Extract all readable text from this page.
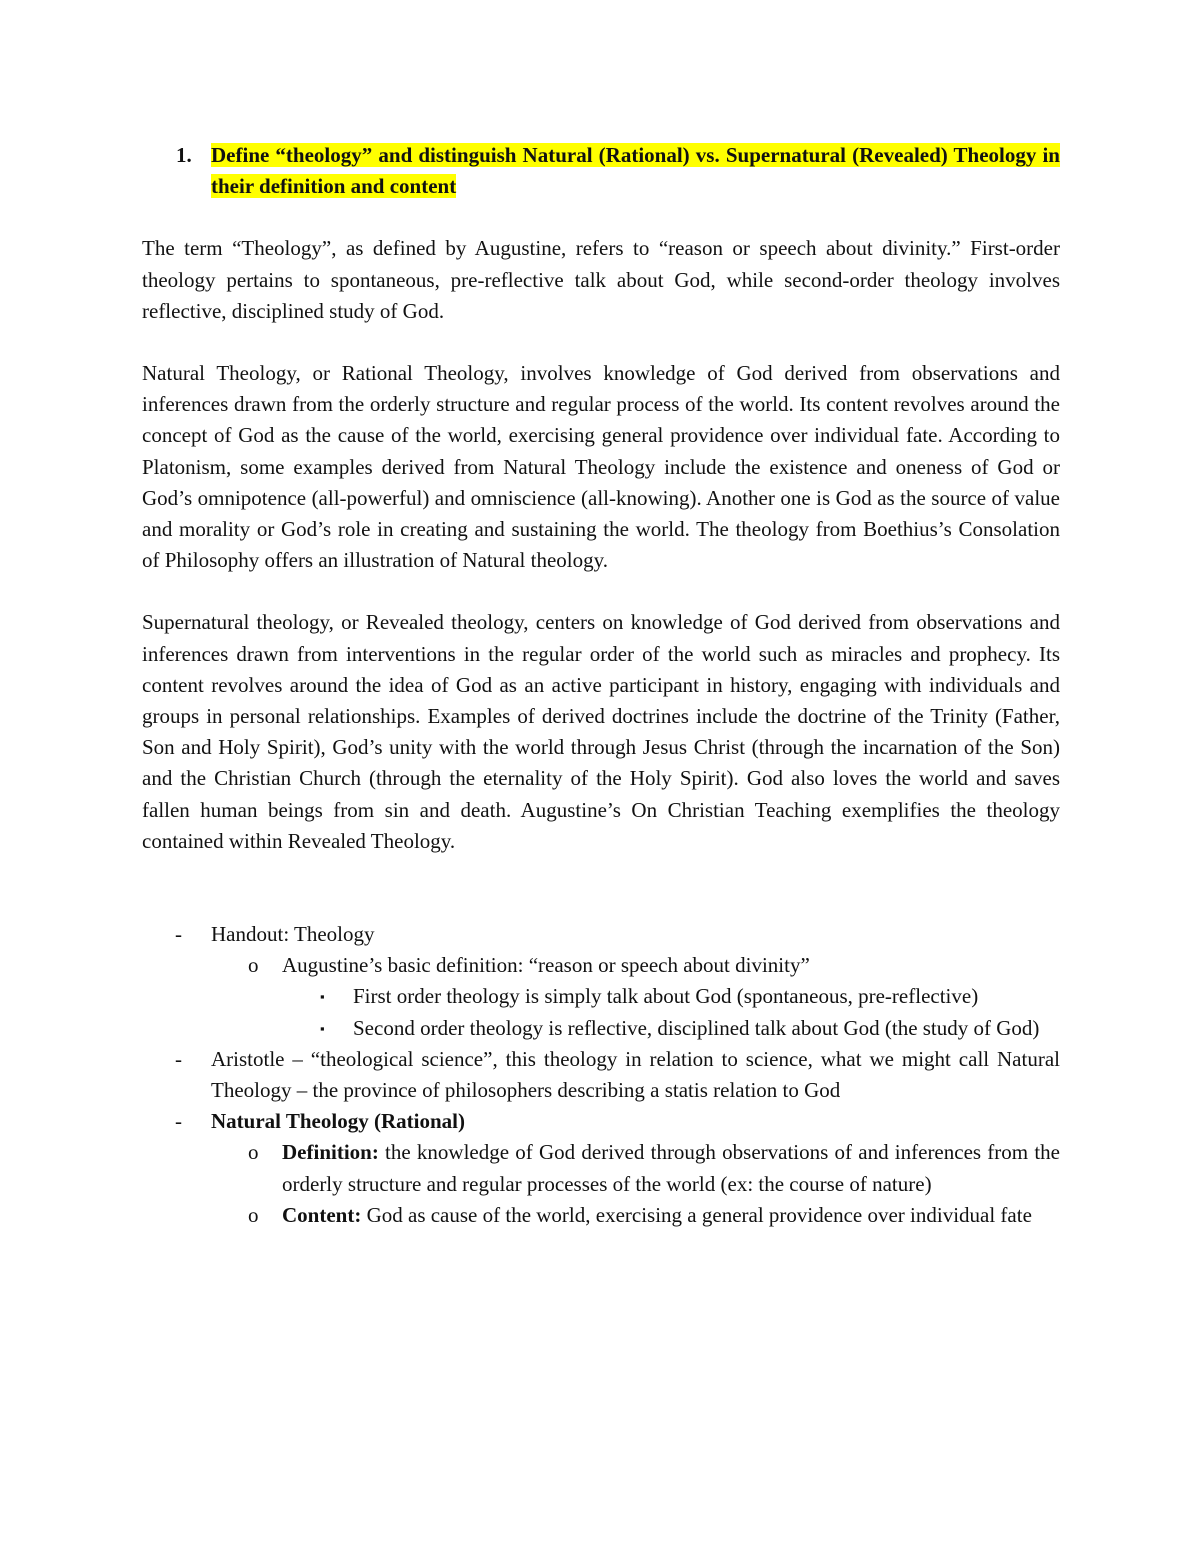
1. Define “theology” and distinguish Natural (Rational) vs. Supernatural (Revealed) Theology in their definition and content

The term “Theology”, as defined by Augustine, refers to “reason or speech about divinity.” First-order theology pertains to spontaneous, pre-reflective talk about God, while second-order theology involves reflective, disciplined study of God.

Natural Theology, or Rational Theology, involves knowledge of God derived from observations and inferences drawn from the orderly structure and regular process of the world. Its content revolves around the concept of God as the cause of the world, exercising general providence over individual fate. According to Platonism, some examples derived from Natural Theology include the existence and oneness of God or God’s omnipotence (all-powerful) and omniscience (all-knowing). Another one is God as the source of value and morality or God’s role in creating and sustaining the world. The theology from Boethius’s Consolation of Philosophy offers an illustration of Natural theology.

Supernatural theology, or Revealed theology, centers on knowledge of God derived from observations and inferences drawn from interventions in the regular order of the world such as miracles and prophecy. Its content revolves around the idea of God as an active participant in history, engaging with individuals and groups in personal relationships. Examples of derived doctrines include the doctrine of the Trinity (Father, Son and Holy Spirit), God’s unity with the world through Jesus Christ (through the incarnation of the Son) and the Christian Church (through the eternality of the Holy Spirit). God also loves the world and saves fallen human beings from sin and death. Augustine’s On Christian Teaching exemplifies the theology contained within Revealed Theology.

- Handout: Theology
o Augustine’s basic definition: “reason or speech about divinity”
▪ First order theology is simply talk about God (spontaneous, pre-reflective)
▪ Second order theology is reflective, disciplined talk about God (the study of God)
- Aristotle – “theological science”, this theology in relation to science, what we might call Natural Theology – the province of philosophers describing a statis relation to God
- Natural Theology (Rational)
o Definition: the knowledge of God derived through observations of and inferences from the orderly structure and regular processes of the world (ex: the course of nature)
o Content: God as cause of the world, exercising a general providence over individual fate
